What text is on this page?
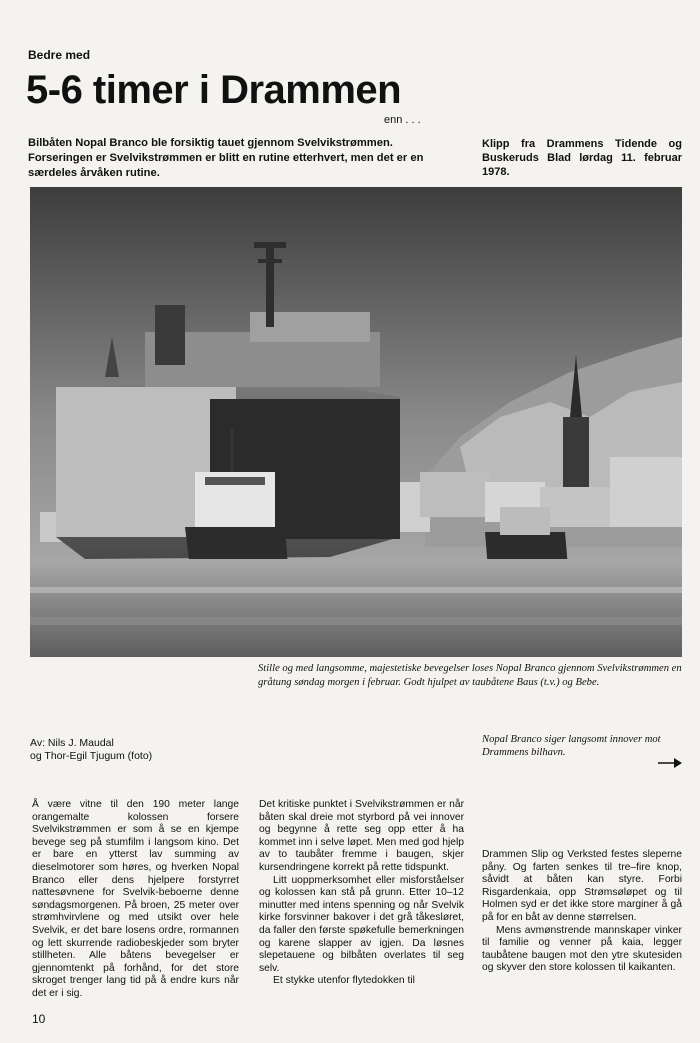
Bedre med
5-6 timer i Drammen
enn . . .
Bilbåten Nopal Branco ble forsiktig tauet gjennom Svelvikstrømmen. Forseringen er Svelvikstrømmen er blitt en rutine etterhvert, men det er en særdeles årvåken rutine.
Klipp fra Drammens Tidende og Buskeruds Blad lørdag 11. februar 1978.
Stille og med langsomme, majestetiske bevegelser loses Nopal Branco gjennom Svelvikstrømmen en gråtung søndag morgen i februar. Godt hjulpet av taubåtene Baus (t.v.) og Bebe.
Av: Nils J. Maudal
og Thor-Egil Tjugum (foto)
Nopal Branco siger langsomt innover mot Drammens bilhavn.

Å være vitne til den 190 meter lange orangemalte kolossen forsere Svelvikstrømmen er som å se en kjempe bevege seg på stumfilm i langsom kino. Det er bare en ytterst lav summing av dieselmotorer som høres, og hverken Nopal Branco eller dens hjelpere forstyrret nattesøvnene for Svelvik-beboerne denne søndagsmorgenen. På broen, 25 meter over strømhvirvlene og med utsikt over hele Svelvik, er det bare losens ordre, rormannen og lett skurrende radiobeskjeder som bryter stillheten. Alle båtens bevegelser er gjennomtenkt på forhånd, for det store skroget trenger lang tid på å endre kurs når det er i sig.

Det kritiske punktet i Svelvikstrømmen er når båten skal dreie mot styrbord på vei innover og begynne å rette seg opp etter å ha kommet inn i selve løpet. Men med god hjelp av to taubåter fremme i baugen, skjer kursendringene korrekt på rette tidspunkt.

Litt uoppmerksomhet eller misforståelser og kolossen kan stå på grunn. Etter 10–12 minutter med intens spenning og når Svelvik kirke forsvinner bakover i det grå tåkesløret, da faller den første spøkefulle bemerkningen og karene slapper av igjen. Da løsnes slepetauene og bilbåten overlates til seg selv.

Et stykke utenfor flytedokken til

Drammen Slip og Verksted festes sleperne påny. Og farten senkes til tre–fire knop, såvidt at båten kan styre. Forbi Risgardenkaia, opp Strømsøløpet og til Holmen syd er det ikke store marginer å gå på for en båt av denne størrelsen.

Mens avmønstrende mannskaper vinker til familie og venner på kaia, legger taubåtene baugen mot den ytre skutesiden og skyver den store kolossen til kaikanten.

10
